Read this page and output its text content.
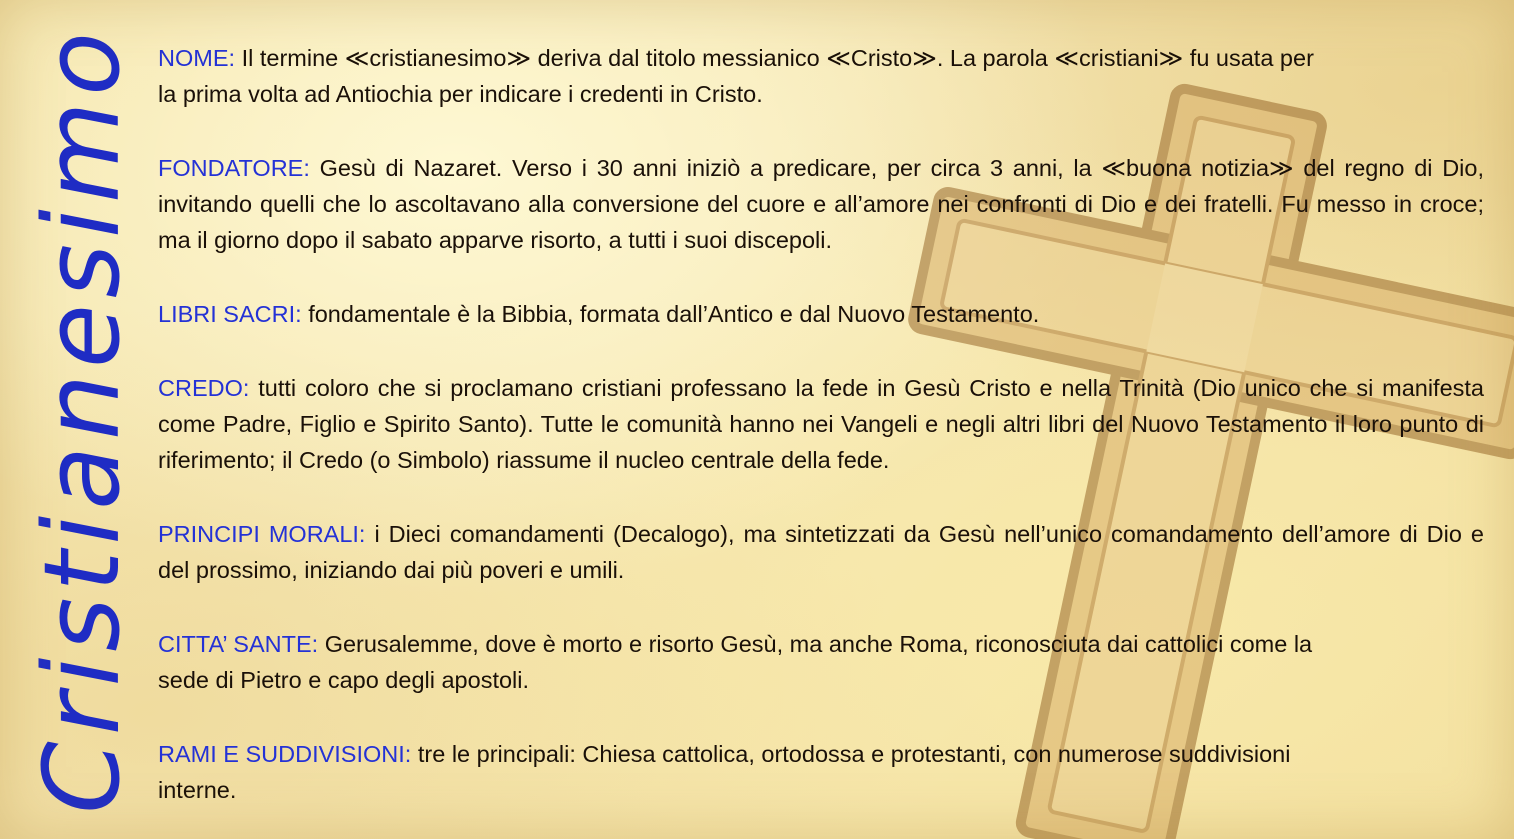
Cristianesimo NOME: Il termine ≪cristianesimo≫ deriva dal titolo messianico ≪Cristo≫. La parola ≪cristiani≫ fu usata per la prima volta ad Antiochia per indicare i credenti in Cristo.

FONDATORE: Gesù di Nazaret. Verso i 30 anni iniziò a predicare, per circa 3 anni, la ≪buona notizia≫ del regno di Dio, invitando quelli che lo ascoltavano alla conversione del cuore e all’amore nei confronti di Dio e dei fratelli. Fu messo in croce; ma il giorno dopo il sabato apparve risorto, a tutti i suoi discepoli.

LIBRI SACRI: fondamentale è la Bibbia, formata dall’Antico e dal Nuovo Testamento.

CREDO: tutti coloro che si proclamano cristiani professano la fede in Gesù Cristo e nella Trinità (Dio unico che si manifesta come Padre, Figlio e Spirito Santo). Tutte le comunità hanno nei Vangeli e negli altri libri del Nuovo Testamento il loro punto di riferimento; il Credo (o Simbolo) riassume il nucleo centrale della fede.

PRINCIPI MORALI: i Dieci comandamenti (Decalogo), ma sintetizzati da Gesù nell’unico comandamento dell’amore di Dio e del prossimo, iniziando dai più poveri e umili.

CITTA’ SANTE: Gerusalemme, dove è morto e risorto Gesù, ma anche Roma, riconosciuta dai cattolici come la sede di Pietro e capo degli apostoli.

RAMI E SUDDIVISIONI: tre le principali: Chiesa cattolica, ortodossa e protestanti, con numerose suddivisioni interne.
